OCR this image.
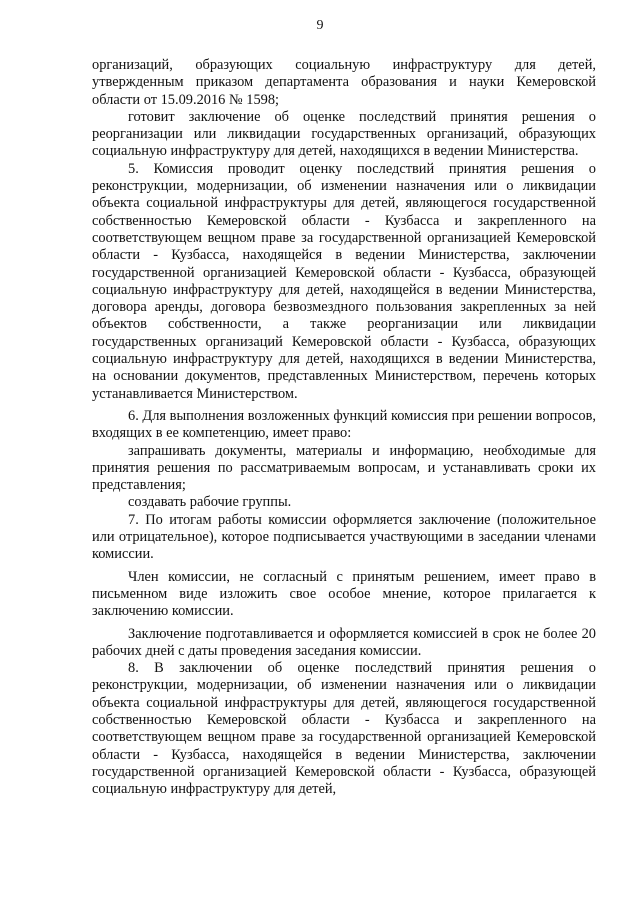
9

организаций, образующих социальную инфраструктуру для детей, утвержденным приказом департамента образования и науки Кемеровской области от 15.09.2016 № 1598;

готовит заключение об оценке последствий принятия решения о реорганизации или ликвидации государственных организаций, образующих социальную инфраструктуру для детей, находящихся в ведении Министерства.

5. Комиссия проводит оценку последствий принятия решения о реконструкции, модернизации, об изменении назначения или о ликвидации объекта социальной инфраструктуры для детей, являющегося государственной собственностью Кемеровской области - Кузбасса и закрепленного на соответствующем вещном праве за государственной организацией Кемеровской области - Кузбасса, находящейся в ведении Министерства, заключении государственной организацией Кемеровской области - Кузбасса, образующей социальную инфраструктуру для детей, находящейся в ведении Министерства, договора аренды, договора безвозмездного пользования закрепленных за ней объектов собственности, а также реорганизации или ликвидации государственных организаций Кемеровской области - Кузбасса, образующих социальную инфраструктуру для детей, находящихся в ведении Министерства, на основании документов, представленных Министерством, перечень которых устанавливается Министерством.

6. Для выполнения возложенных функций комиссия при решении вопросов, входящих в ее компетенцию, имеет право:

запрашивать документы, материалы и информацию, необходимые для принятия решения по рассматриваемым вопросам, и устанавливать сроки их представления;

создавать рабочие группы.

7. По итогам работы комиссии оформляется заключение (положительное или отрицательное), которое подписывается участвующими в заседании членами комиссии.

Член комиссии, не согласный с принятым решением, имеет право в письменном виде изложить свое особое мнение, которое прилагается к заключению комиссии.

Заключение подготавливается и оформляется комиссией в срок не более 20 рабочих дней с даты проведения заседания комиссии.

8. В заключении об оценке последствий принятия решения о реконструкции, модернизации, об изменении назначения или о ликвидации объекта социальной инфраструктуры для детей, являющегося государственной собственностью Кемеровской области - Кузбасса и закрепленного на соответствующем вещном праве за государственной организацией Кемеровской области - Кузбасса, находящейся в ведении Министерства, заключении государственной организацией Кемеровской области - Кузбасса, образующей социальную инфраструктуру для детей,
